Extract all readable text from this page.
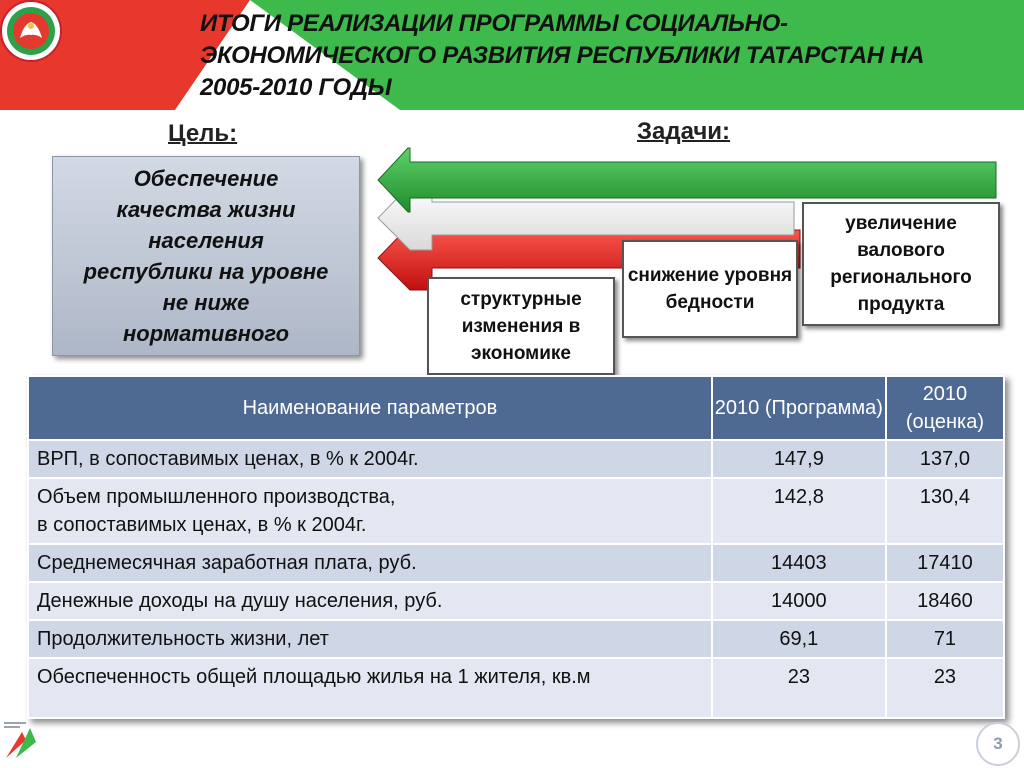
ИТОГИ РЕАЛИЗАЦИИ ПРОГРАММЫ СОЦИАЛЬНО-ЭКОНОМИЧЕСКОГО РАЗВИТИЯ РЕСПУБЛИКИ ТАТАРСТАН НА 2005-2010 ГОДЫ
Цель:
Обеспечение качества жизни населения республики на уровне не ниже нормативного
Задачи:
структурные изменения в экономике
снижение уровня бедности
увеличение валового регионального продукта
Наименование параметров	2010 (Программа)	2010 (оценка)
ВРП, в сопоставимых ценах, в % к 2004г.	147,9	137,0
Объем промышленного производства,
в сопоставимых ценах, в % к 2004г.	142,8	130,4
Среднемесячная заработная плата, руб.	14403	17410
Денежные доходы на душу населения, руб.	14000	18460
Продолжительность жизни, лет	69,1	71
Обеспеченность общей площадью жилья на 1 жителя, кв.м	23	23
3
